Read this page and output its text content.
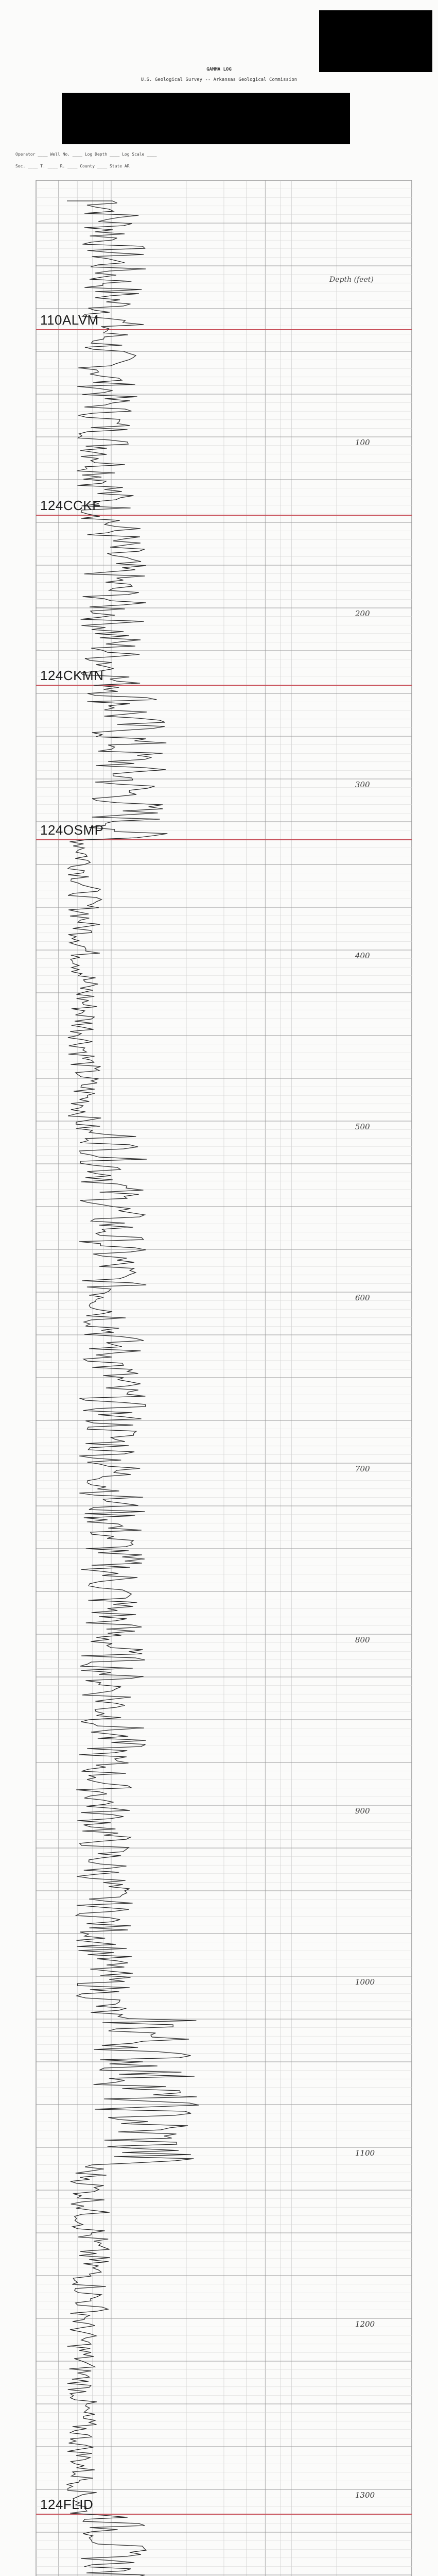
GAMMA LOG
U.S. Geological Survey -- Arkansas Geological Commission
Operator ____ Well No. ____ Log Depth ____ Log Scale ____
Sec. ____ T. ____ R. ____ County ____ State AR
Depth (feet)
110ALVM
124CCKF
124CKMN
124OSMP
124FLID
100
200
300
400
500
600
700
800
900
1000
1100
1200
1300
